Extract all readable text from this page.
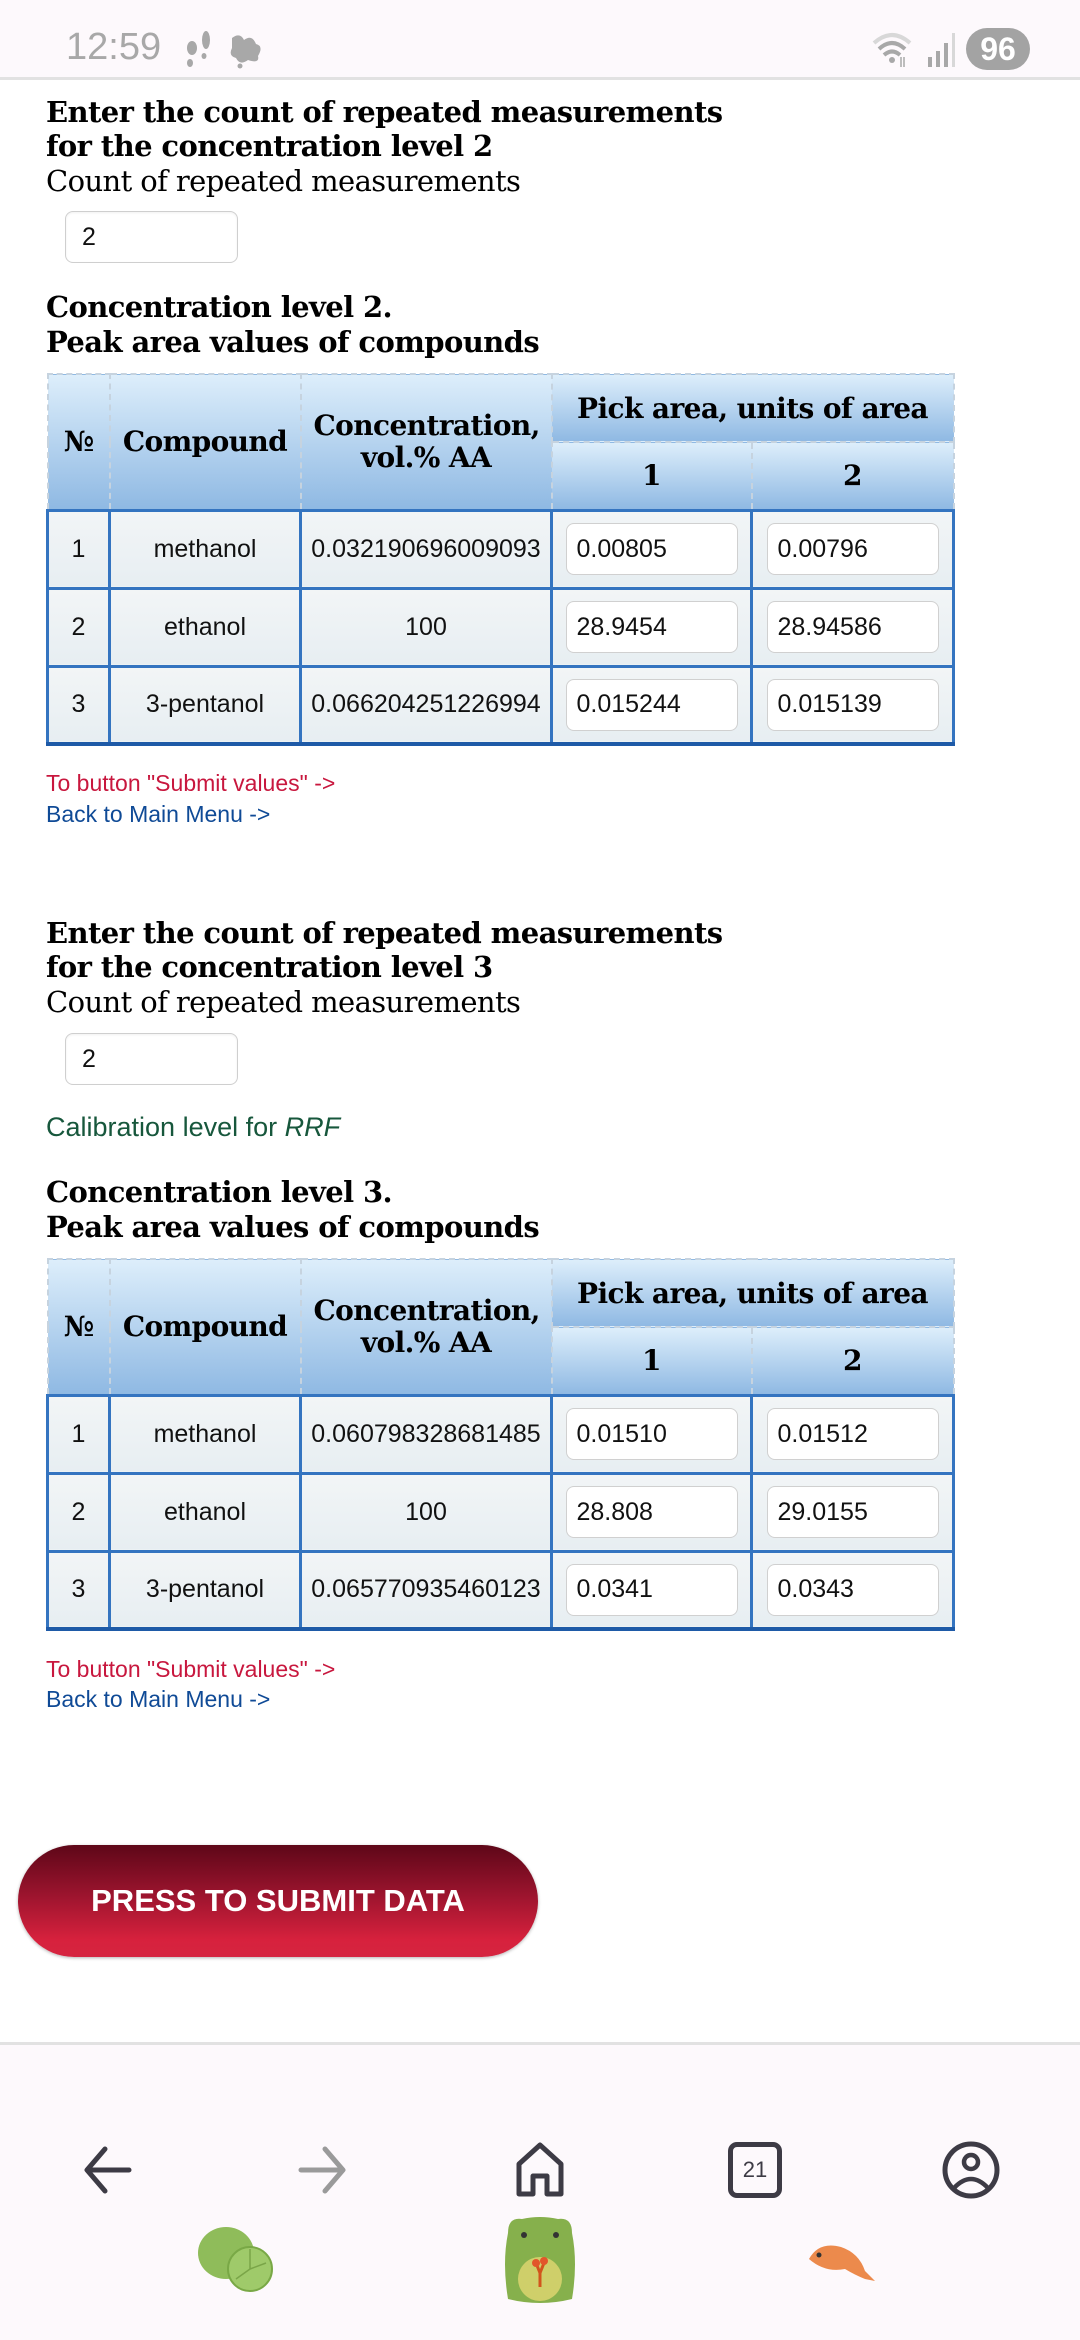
12:59	96
Enter the count of repeated measurements
for the concentration level 2
Count of repeated measurements
2
Concentration level 2.
Peak area values of compounds
№	Compound	Concentration, vol.% AA	Pick area, units of area	
			1	2
1	methanol	0.032190696009093	0.00805	0.00796
2	ethanol	100	28.9454	28.94586
3	3-pentanol	0.066204251226994	0.015244	0.015139
To button "Submit values" ->
Back to Main Menu ->
Enter the count of repeated measurements
for the concentration level 3
Count of repeated measurements
2
Calibration level for RRF
Concentration level 3.
Peak area values of compounds
№	Compound	Concentration, vol.% AA	Pick area, units of area	
			1	2
1	methanol	0.060798328681485	0.01510	0.01512
2	ethanol	100	28.808	29.0155
3	3-pentanol	0.065770935460123	0.0341	0.0343
To button "Submit values" ->
Back to Main Menu ->
PRESS TO SUBMIT DATA
21
